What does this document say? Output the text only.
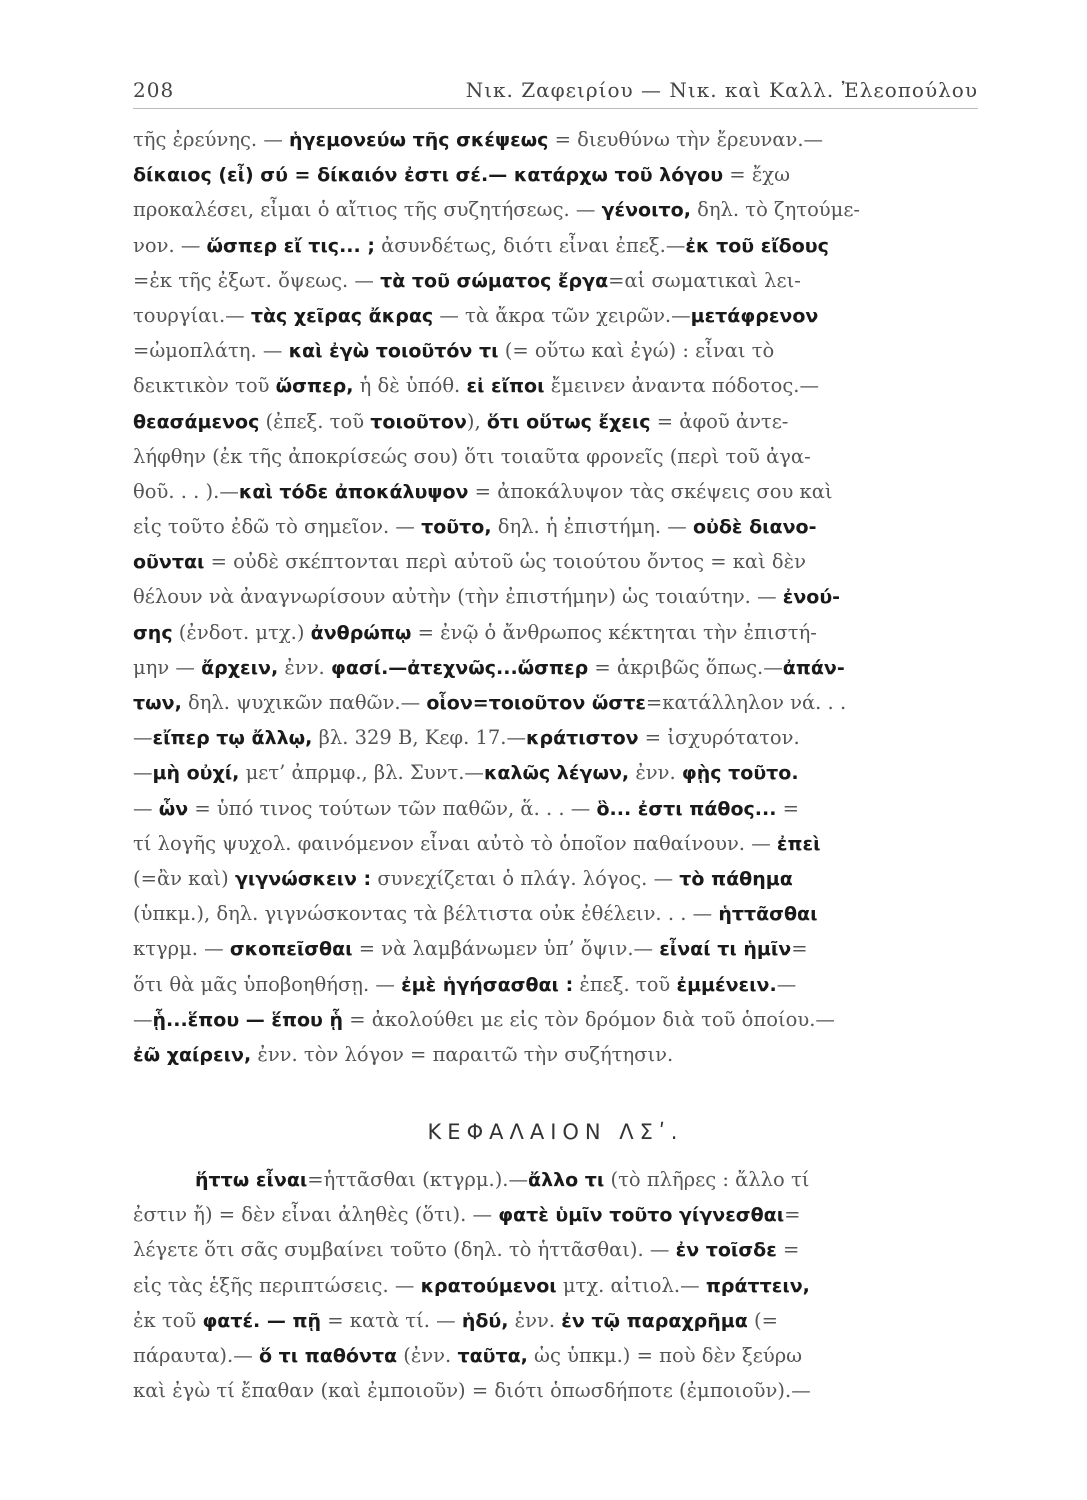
208	Νικ. Ζαφειρίου — Νικ. καὶ Καλλ. Ἐλεοπούλου
τῆς ἐρεύνης. — ἡγεμονεύω τῆς σκέψεως = διευθύνω τὴν ἔρευναν.—
δίκαιος (εἶ) σύ = δίκαιόν ἐστι σέ.— κατάρχω τοῦ λόγου = ἔχω
προκαλέσει, εἶμαι ὁ αἴτιος τῆς συζητήσεως. — γένοιτο, δηλ. τὸ ζητούμε-
νον. — ὥσπερ εἴ τις... ; ἀσυνδέτως, διότι εἶναι ἐπεξ.—ἐκ τοῦ εἴδους
=ἐκ τῆς ἐξωτ. ὄψεως. — τὰ τοῦ σώματος ἔργα=αἱ σωματικαὶ λει-
τουργίαι.— τὰς χεῖρας ἄκρας — τὰ ἄκρα τῶν χειρῶν.—μετάφρενον
=ὠμοπλάτη. — καὶ ἐγὼ τοιοῦτόν τι (= οὕτω καὶ ἐγώ) : εἶναι τὸ
δεικτικὸν τοῦ ὥσπερ, ἡ δὲ ὑπόθ. εἰ εἴποι ἔμεινεν ἀναντα πόδοτος.—
θεασάμενος (ἐπεξ. τοῦ τοιοῦτον), ὅτι οὕτως ἔχεις = ἀφοῦ ἀντε-
λήφθην (ἐκ τῆς ἀποκρίσεώς σου) ὅτι τοιαῦτα φρονεῖς (περὶ τοῦ ἀγα-
θοῦ. . . ).—καὶ τόδε ἀποκάλυψον = ἀποκάλυψον τὰς σκέψεις σου καὶ
εἰς τοῦτο ἐδῶ τὸ σημεῖον. — τοῦτο, δηλ. ἡ ἐπιστήμη. — οὐδὲ διανο-
οῦνται = οὐδὲ σκέπτονται περὶ αὐτοῦ ὡς τοιούτου ὄντος = καὶ δὲν
θέλουν νὰ ἀναγνωρίσουν αὐτὴν (τὴν ἐπιστήμην) ὡς τοιαύτην. — ἐνού-
σης (ἐνδοτ. μτχ.) ἀνθρώπῳ = ἐνῷ ὁ ἄνθρωπος κέκτηται τὴν ἐπιστή-
μην — ἄρχειν, ἐνν. φασί.—ἀτεχνῶς...ὥσπερ = ἀκριβῶς ὅπως.—ἀπάν-
των, δηλ. ψυχικῶν παθῶν.— οἷον=τοιοῦτον ὥστε=κατάλληλον νά. . .
—εἴπερ τῳ ἄλλῳ, βλ. 329 Β, Κεφ. 17.—κράτιστον = ἰσχυρότατον.
—μὴ οὐχί, μετ’ ἀπρμφ., βλ. Συντ.—καλῶς λέγων, ἐνν. φῂς τοῦτο.
— ὧν = ὑπό τινος τούτων τῶν παθῶν, ἅ. . . — ὃ... ἐστι πάθος... =
τί λογῆς ψυχολ. φαινόμενον εἶναι αὐτὸ τὸ ὁποῖον παθαίνουν. — ἐπεὶ
(=ἂν καὶ) γιγνώσκειν : συνεχίζεται ὁ πλάγ. λόγος. — τὸ πάθημα
(ὑπκμ.), δηλ. γιγνώσκοντας τὰ βέλτιστα οὐκ ἐθέλειν. . . — ἡττᾶσθαι
κτγρμ. — σκοπεῖσθαι = νὰ λαμβάνωμεν ὑπ’ ὄψιν.— εἶναί τι ἡμῖν=
ὅτι θὰ μᾶς ὑποβοηθήσῃ. — ἐμὲ ἡγήσασθαι : ἐπεξ. τοῦ ἐμμένειν.—
—ᾗ...ἕπου — ἕπου ᾗ = ἀκολούθει με εἰς τὸν δρόμον διὰ τοῦ ὁποίου.—
ἐῶ χαίρειν, ἐνν. τὸν λόγον = παραιτῶ τὴν συζήτησιν.
ΚΕΦΑΛΑΙΟΝ ΛΣʹ.
ἥττω εἶναι=ἡττᾶσθαι (κτγρμ.).—ἄλλο τι (τὸ πλῆρες : ἄλλο τί
ἐστιν ἤ) = δὲν εἶναι ἀληθὲς (ὅτι). — φατὲ ὑμῖν τοῦτο γίγνεσθαι=
λέγετε ὅτι σᾶς συμβαίνει τοῦτο (δηλ. τὸ ἡττᾶσθαι). — ἐν τοῖσδε =
εἰς τὰς ἑξῆς περιπτώσεις. — κρατούμενοι μτχ. αἰτιολ.— πράττειν,
ἐκ τοῦ φατέ. — πῇ = κατὰ τί. — ἡδύ, ἐνν. ἐν τῷ παραχρῆμα (=
πάραυτα).— ὅ τι παθόντα (ἐνν. ταῦτα, ὡς ὑπκμ.) = ποὺ δὲν ξεύρω
καὶ ἐγὼ τί ἔπαθαν (καὶ ἐμποιοῦν) = διότι ὁπωσδήποτε (ἐμποιοῦν).—
